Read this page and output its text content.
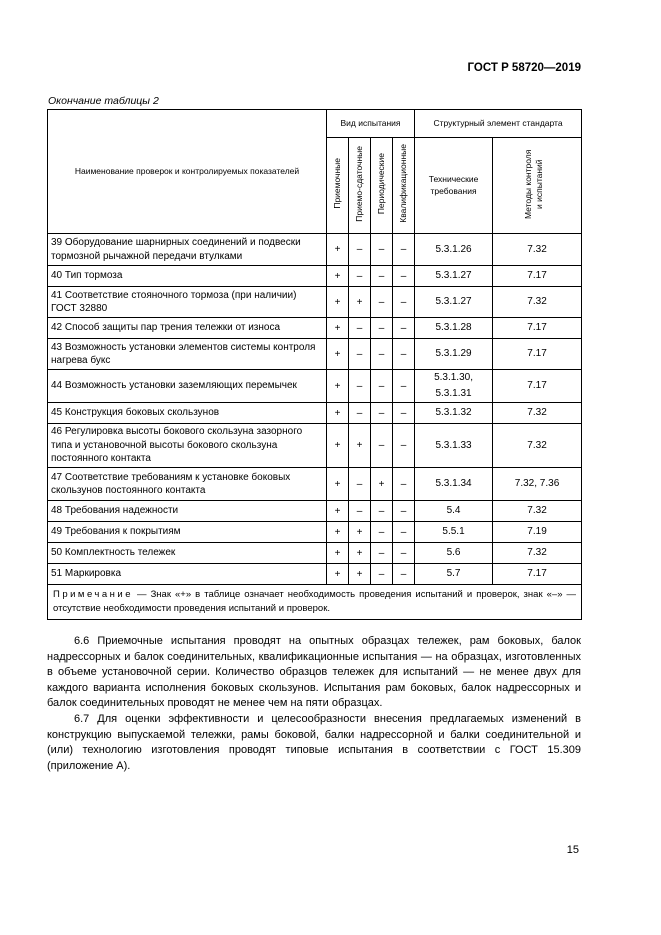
ГОСТ Р 58720—2019
Окончание таблицы 2
Наименование проверок и контролируемых показателей	Вид испытания				Структурный элемент стандарта	
	Приемочные	Приемо-сдаточные	Периодические	Квалификационные	Технические требования	Методы контроля и испытаний
39 Оборудование шарнирных соединений и подвески тормозной рычажной передачи втулками	+	–	–	–	5.3.1.26	7.32
40 Тип тормоза	+	–	–	–	5.3.1.27	7.17
41 Соответствие стояночного тормоза (при наличии) ГОСТ 32880	+	+	–	–	5.3.1.27	7.32
42 Способ защиты пар трения тележки от износа	+	–	–	–	5.3.1.28	7.17
43 Возможность установки элементов системы контроля нагрева букс	+	–	–	–	5.3.1.29	7.17
44 Возможность установки заземляющих перемычек	+	–	–	–	5.3.1.30, 5.3.1.31	7.17
45 Конструкция боковых скользунов	+	–	–	–	5.3.1.32	7.32
46 Регулировка высоты бокового скользуна зазорного типа и установочной высоты бокового скользуна постоянного контакта	+	+	–	–	5.3.1.33	7.32
47 Соответствие требованиям к установке боковых скользунов постоянного контакта	+	–	+	–	5.3.1.34	7.32, 7.36
48 Требования надежности	+	–	–	–	5.4	7.32
49 Требования к покрытиям	+	+	–	–	5.5.1	7.19
50 Комплектность тележек	+	+	–	–	5.6	7.32
51 Маркировка	+	+	–	–	5.7	7.17
Примечание — Знак «+» в таблице означает необходимость проведения испытаний и проверок, знак «–» — отсутствие необходимости проведения испытаний и проверок.						

6.6 Приемочные испытания проводят на опытных образцах тележек, рам боковых, балок надрессорных и балок соединительных, квалификационные испытания — на образцах, изготовленных в объеме установочной серии. Количество образцов тележек для испытаний — не менее двух для каждого варианта исполнения боковых скользунов. Испытания рам боковых, балок надрессорных и балок соединительных проводят не менее чем на пяти образцах.

6.7 Для оценки эффективности и целесообразности внесения предлагаемых изменений в конструкцию выпускаемой тележки, рамы боковой, балки надрессорной и балки соединительной и (или) технологию изготовления проводят типовые испытания в соответствии с ГОСТ 15.309 (приложение А).

15
